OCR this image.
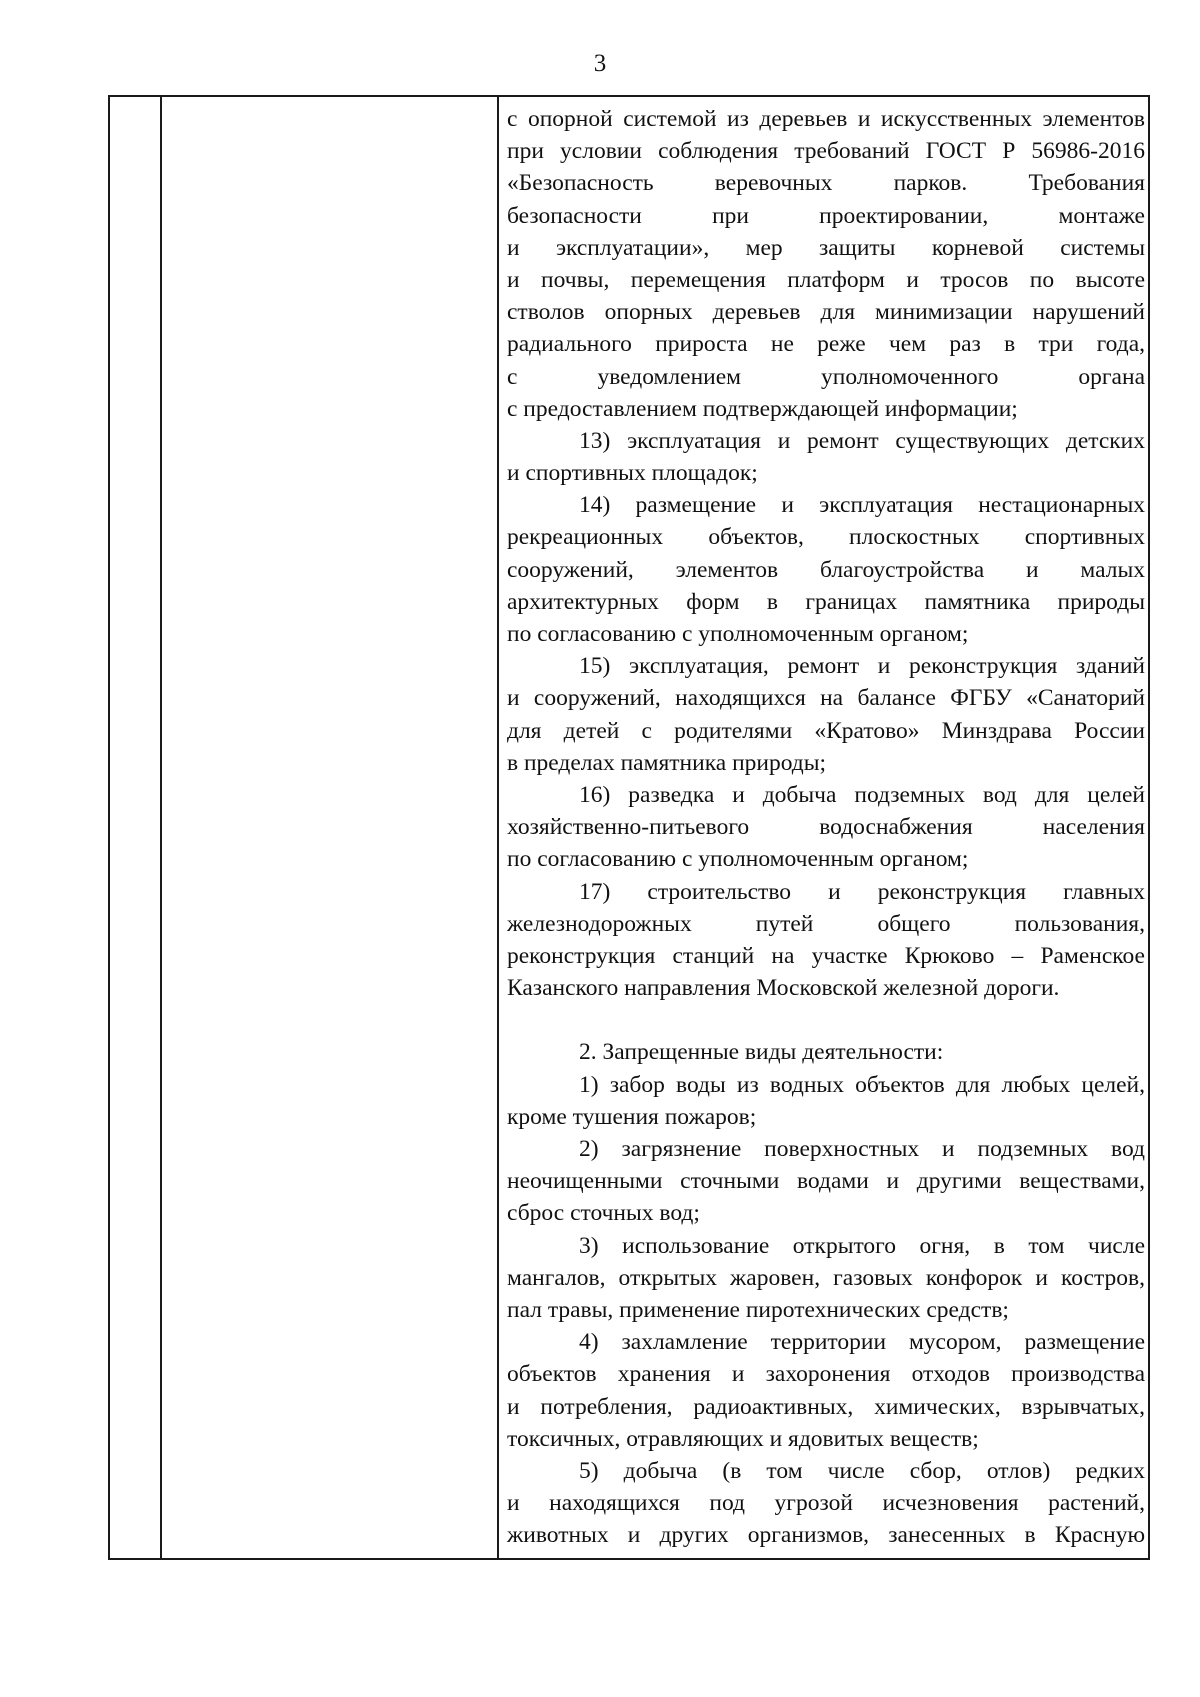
3
с опорной системой из деревьев и искусственных элементов
при условии соблюдения требований ГОСТ Р 56986-2016
«Безопасность веревочных парков. Требования
безопасности при проектировании, монтаже
и эксплуатации», мер защиты корневой системы
и почвы, перемещения платформ и тросов по высоте
стволов опорных деревьев для минимизации нарушений
радиального прироста не реже чем раз в три года,
с уведомлением уполномоченного органа
с предоставлением подтверждающей информации;
13) эксплуатация и ремонт существующих детских
и спортивных площадок;
14) размещение и эксплуатация нестационарных
рекреационных объектов, плоскостных спортивных
сооружений, элементов благоустройства и малых
архитектурных форм в границах памятника природы
по согласованию с уполномоченным органом;
15) эксплуатация, ремонт и реконструкция зданий
и сооружений, находящихся на балансе ФГБУ «Санаторий
для детей с родителями «Кратово» Минздрава России
в пределах памятника природы;
16) разведка и добыча подземных вод для целей
хозяйственно-питьевого водоснабжения населения
по согласованию с уполномоченным органом;
17) строительство и реконструкция главных
железнодорожных путей общего пользования,
реконструкция станций на участке Крюково – Раменское
Казанского направления Московской железной дороги.
2. Запрещенные виды деятельности:
1) забор воды из водных объектов для любых целей,
кроме тушения пожаров;
2) загрязнение поверхностных и подземных вод
неочищенными сточными водами и другими веществами,
сброс сточных вод;
3) использование открытого огня, в том числе
мангалов, открытых жаровен, газовых конфорок и костров,
пал травы, применение пиротехнических средств;
4) захламление территории мусором, размещение
объектов хранения и захоронения отходов производства
и потребления, радиоактивных, химических, взрывчатых,
токсичных, отравляющих и ядовитых веществ;
5) добыча (в том числе сбор, отлов) редких
и находящихся под угрозой исчезновения растений,
животных и других организмов, занесенных в Красную
